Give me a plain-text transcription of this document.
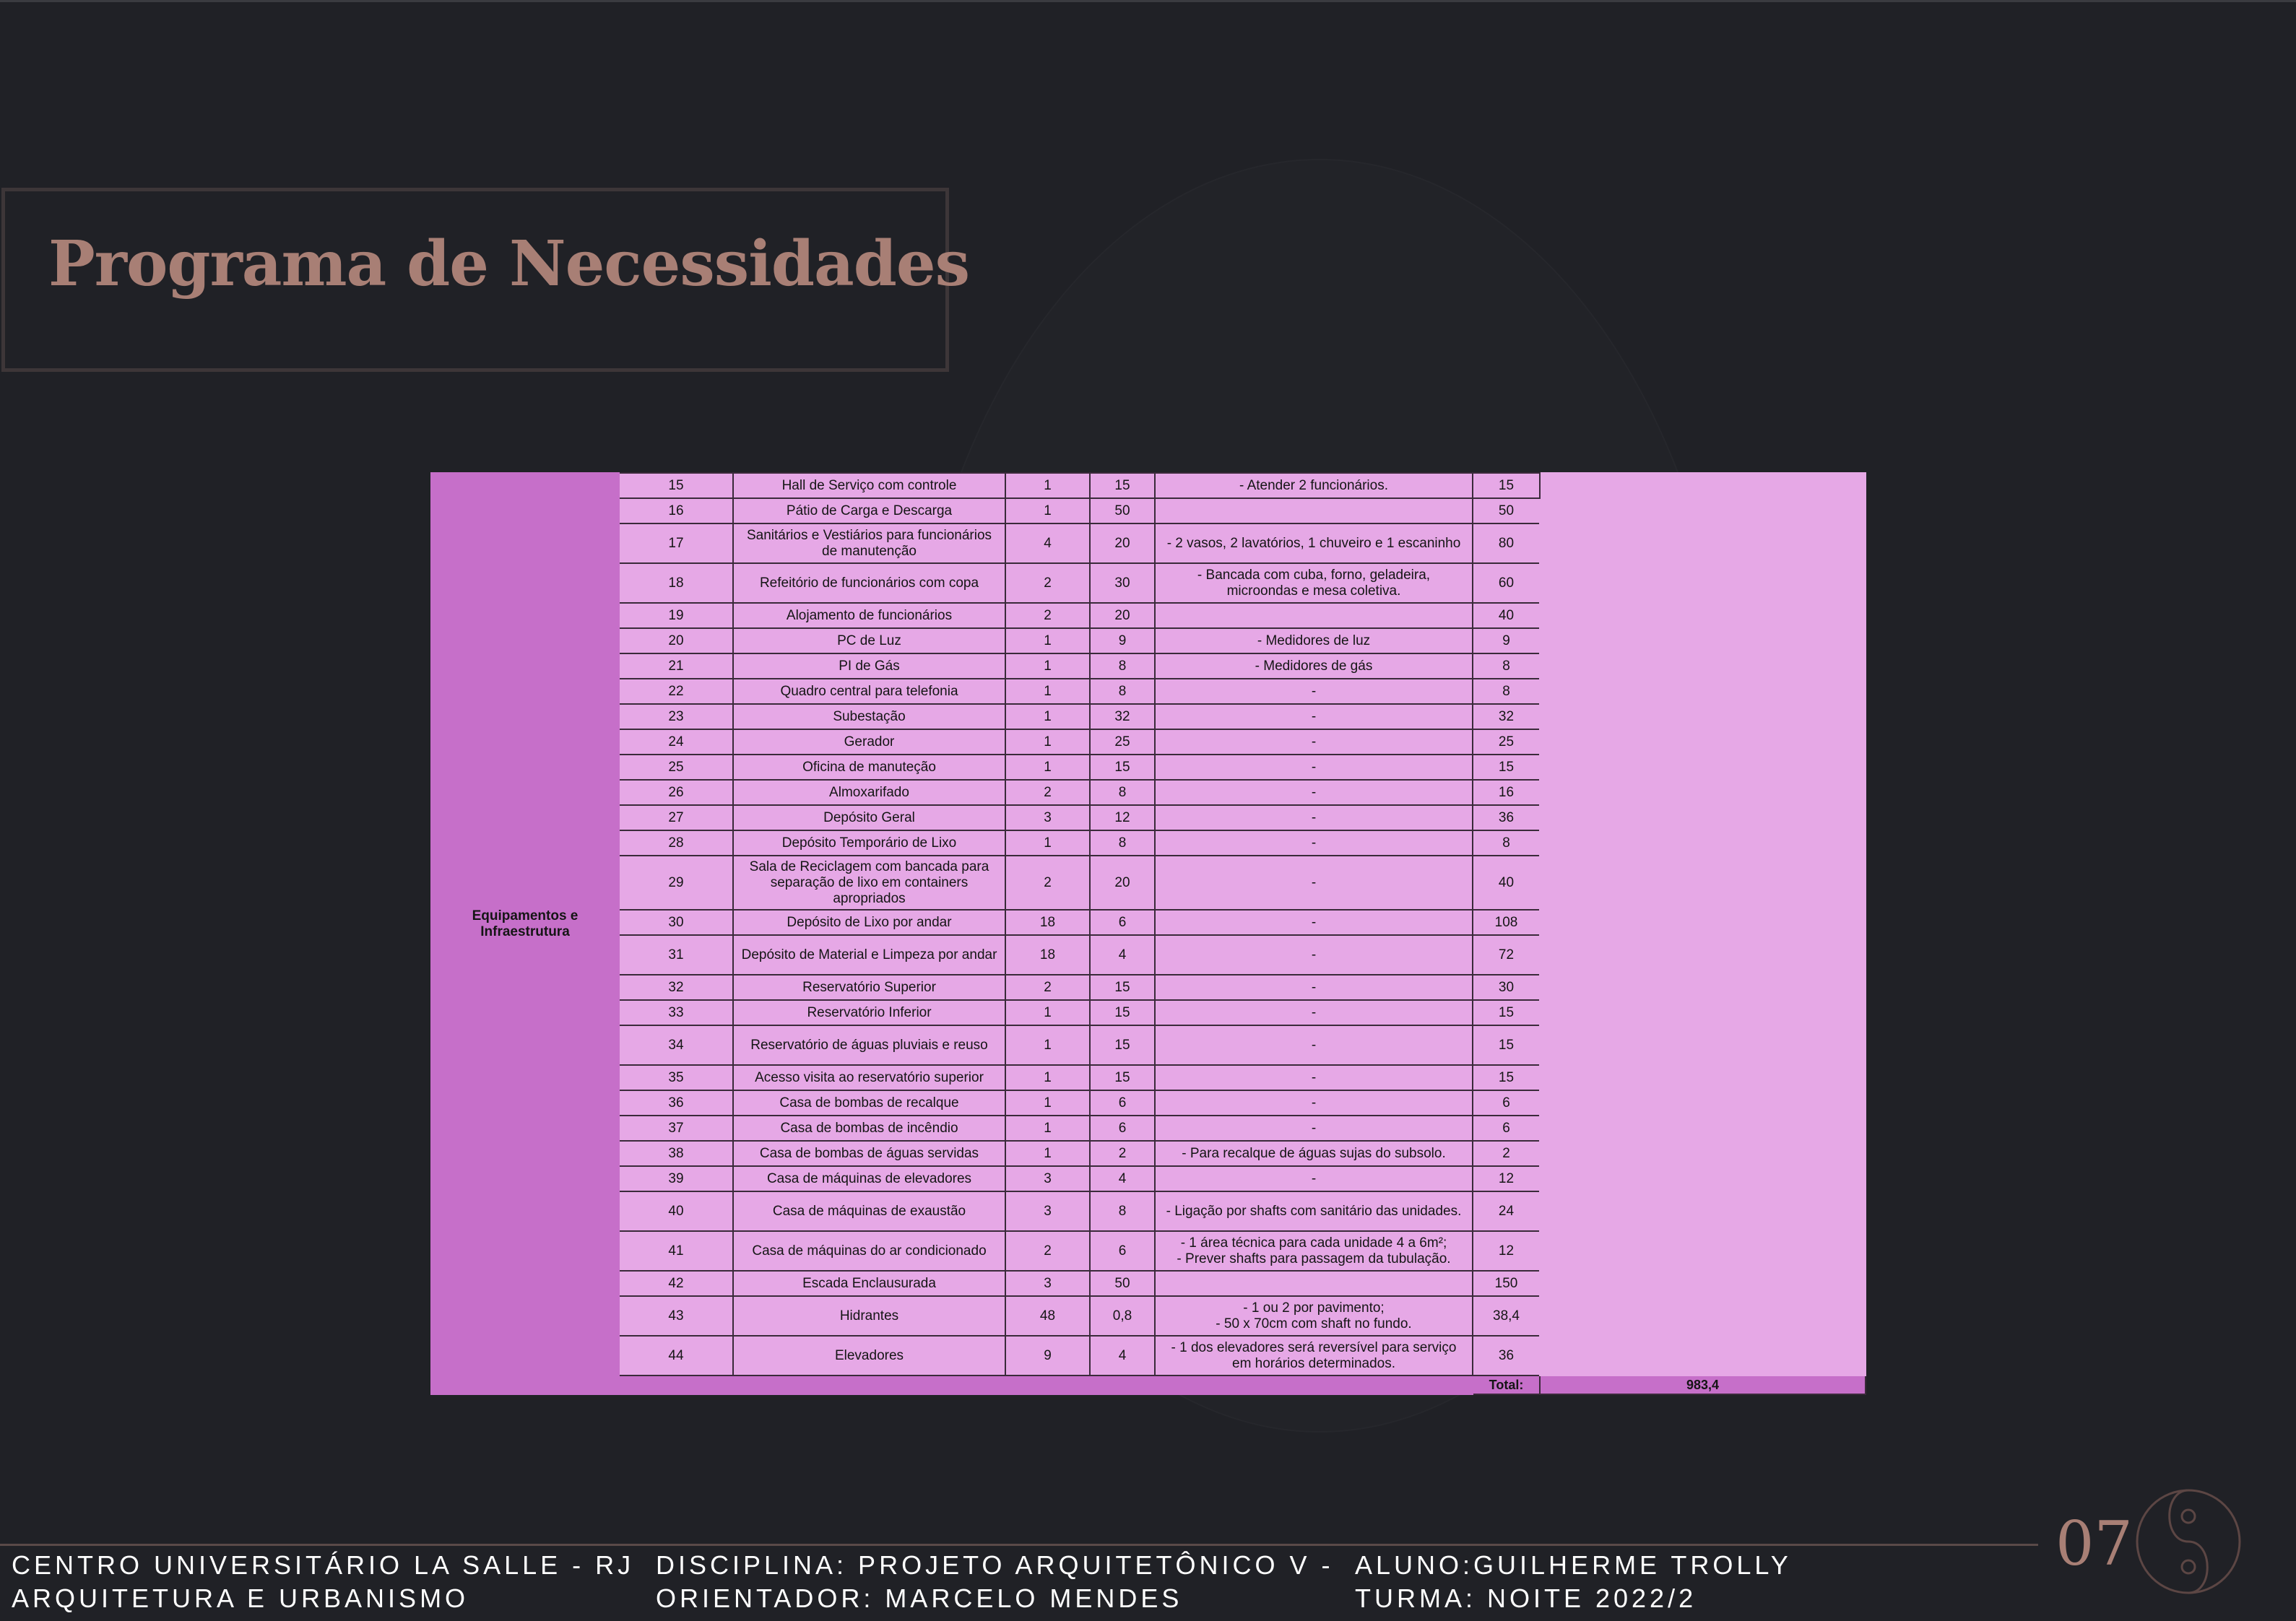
Programa de Necessidades
Equipamentos e Infraestrutura	15	Hall de Serviço com controle	1	15	- Atender 2 funcionários.	15	
	16	Pátio de Carga e Descarga	1	50		50	
	17	Sanitários e Vestiários para funcionários de manutenção	4	20	- 2 vasos, 2 lavatórios, 1 chuveiro e 1 escaninho	80	
	18	Refeitório de funcionários com copa	2	30	- Bancada com cuba, forno, geladeira, microondas e mesa coletiva.	60	
	19	Alojamento de funcionários	2	20		40	
	20	PC de Luz	1	9	- Medidores de luz	9	
	21	PI de Gás	1	8	- Medidores de gás	8	
	22	Quadro central para telefonia	1	8	-	8	
	23	Subestação	1	32	-	32	
	24	Gerador	1	25	-	25	
	25	Oficina de manuteção	1	15	-	15	
	26	Almoxarifado	2	8	-	16	
	27	Depósito Geral	3	12	-	36	
	28	Depósito Temporário de Lixo	1	8	-	8	
	29	Sala de Reciclagem com bancada para separação de lixo em containers apropriados	2	20	-	40	
	30	Depósito de Lixo por andar	18	6	-	108	
	31	Depósito de Material e Limpeza por andar	18	4	-	72	
	32	Reservatório Superior	2	15	-	30	
	33	Reservatório Inferior	1	15	-	15	
	34	Reservatório de águas pluviais e reuso	1	15	-	15	
	35	Acesso visita ao reservatório superior	1	15	-	15	
	36	Casa de bombas de recalque	1	6	-	6	
	37	Casa de bombas de incêndio	1	6	-	6	
	38	Casa de bombas de águas servidas	1	2	- Para recalque de águas sujas do subsolo.	2	
	39	Casa de máquinas de elevadores	3	4	-	12	
	40	Casa de máquinas de exaustão	3	8	- Ligação por shafts com sanitário das unidades.	24	
	41	Casa de máquinas do ar condicionado	2	6	- 1 área técnica para cada unidade 4 a 6m²;
- Prever shafts para passagem da tubulação.	12	
	42	Escada Enclausurada	3	50		150	
	43	Hidrantes	48	0,8	- 1 ou 2 por pavimento;
- 50 x 70cm com shaft no fundo.	38,4	
	44	Elevadores	9	4	- 1 dos elevadores será reversível para serviço em horários determinados.	36	
						Total:	983,4
07
CENTRO UNIVERSITÁRIO LA SALLE - RJ
ARQUITETURA E URBANISMO
DISCIPLINA: PROJETO ARQUITETÔNICO V -
ORIENTADOR: MARCELO MENDES
ALUNO:GUILHERME TROLLY
TURMA: NOITE 2022/2
